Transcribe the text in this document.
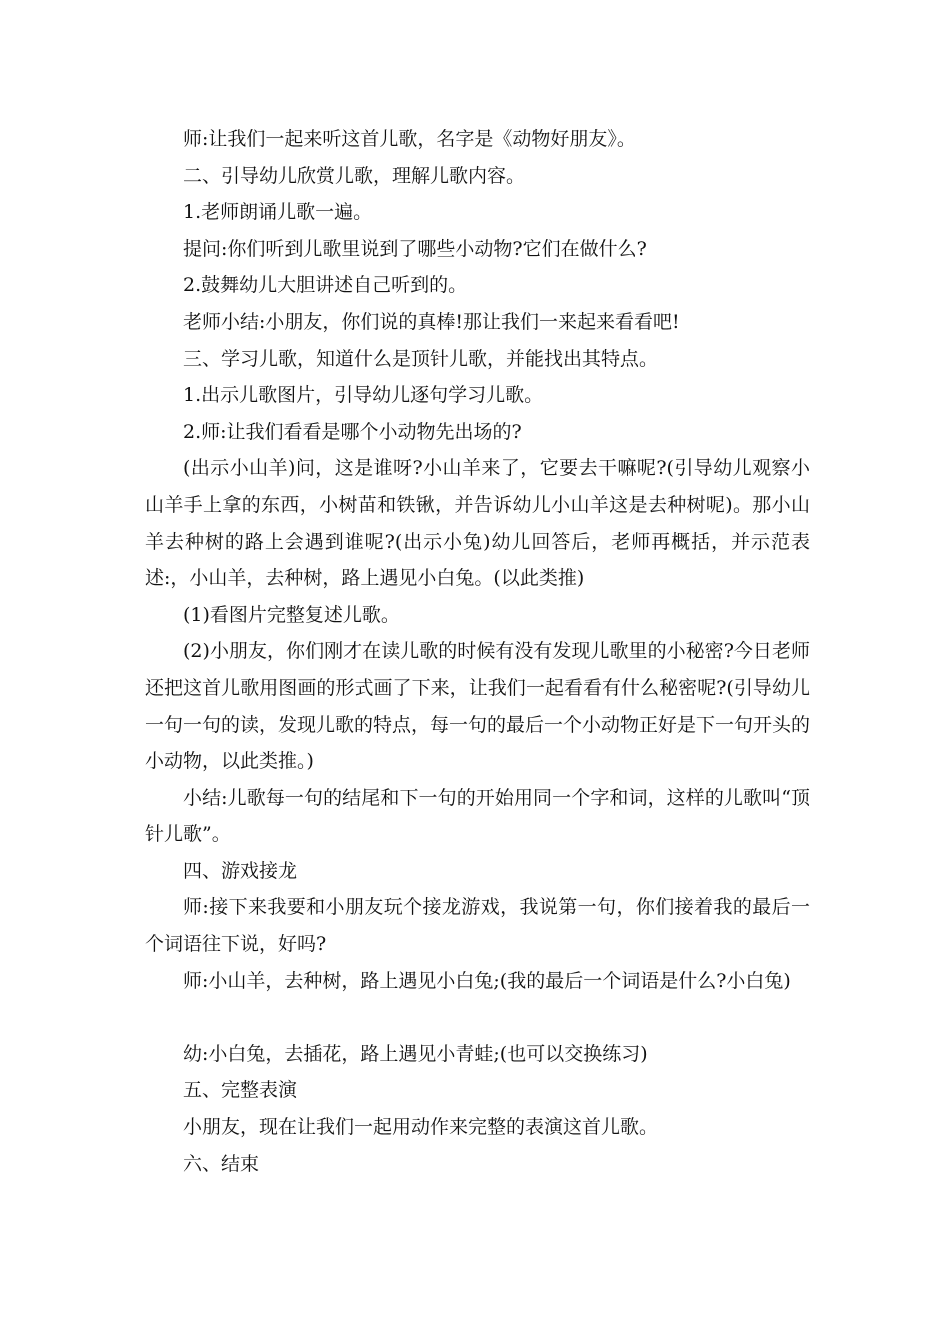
师:让我们一起来听这首儿歌，名字是《动物好朋友》。

二、引导幼儿欣赏儿歌，理解儿歌内容。

1.老师朗诵儿歌一遍。

提问:你们听到儿歌里说到了哪些小动物?它们在做什么?

2.鼓舞幼儿大胆讲述自己听到的。

老师小结:小朋友，你们说的真棒!那让我们一来起来看看吧!

三、学习儿歌，知道什么是顶针儿歌，并能找出其特点。

1.出示儿歌图片，引导幼儿逐句学习儿歌。

2.师:让我们看看是哪个小动物先出场的?

(出示小山羊)问，这是谁呀?小山羊来了，它要去干嘛呢?(引导幼儿观察小山羊手上拿的东西，小树苗和铁锹，并告诉幼儿小山羊这是去种树呢)。那小山羊去种树的路上会遇到谁呢?(出示小兔)幼儿回答后，老师再概括，并示范表述:，小山羊，去种树，路上遇见小白兔。(以此类推)

(1)看图片完整复述儿歌。

(2)小朋友，你们刚才在读儿歌的时候有没有发现儿歌里的小秘密?今日老师还把这首儿歌用图画的形式画了下来，让我们一起看看有什么秘密呢?(引导幼儿一句一句的读，发现儿歌的特点，每一句的最后一个小动物正好是下一句开头的小动物，以此类推。)

小结:儿歌每一句的结尾和下一句的开始用同一个字和词，这样的儿歌叫“顶针儿歌”。

四、游戏接龙

师:接下来我要和小朋友玩个接龙游戏，我说第一句，你们接着我的最后一个词语往下说，好吗?

师:小山羊，去种树，路上遇见小白兔;(我的最后一个词语是什么?小白兔)

幼:小白兔，去插花，路上遇见小青蛙;(也可以交换练习)

五、完整表演

小朋友，现在让我们一起用动作来完整的表演这首儿歌。

六、结束
